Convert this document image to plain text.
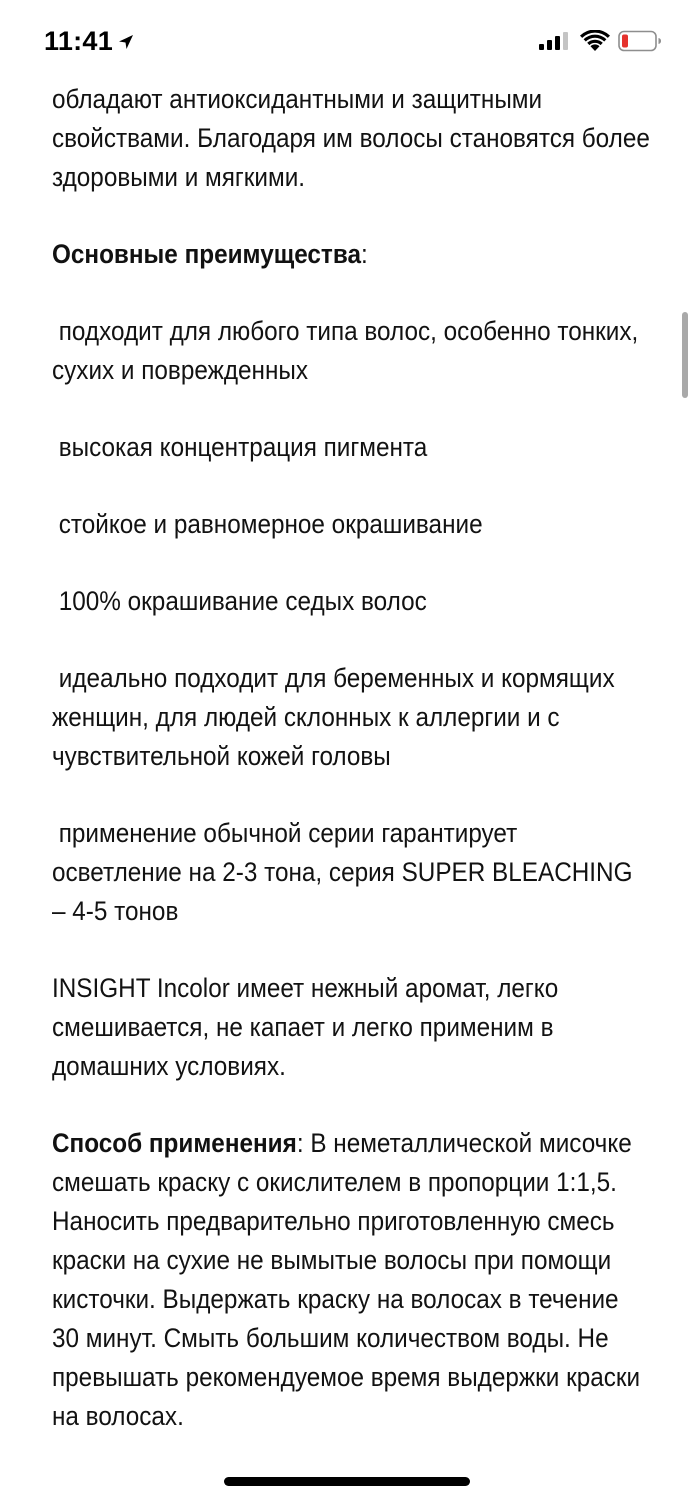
11:41

обладают антиоксидантными и защитными свойствами. Благодаря им волосы становятся более здоровыми и мягкими.

Основные преимущества:

подходит для любого типа волос, особенно тонких, сухих и поврежденных

высокая концентрация пигмента

стойкое и равномерное окрашивание

100% окрашивание седых волос

идеально подходит для беременных и кормящих женщин, для людей склонных к аллергии и с чувствительной кожей головы

применение обычной серии гарантирует осветление на 2-3 тона, серия SUPER BLEACHING – 4-5 тонов

INSIGHT Incolor имеет нежный аромат, легко смешивается, не капает и легко применим в домашних условиях.

Способ применения: В неметаллической мисочке смешать краску с окислителем в пропорции 1:1,5. Наносить предварительно приготовленную смесь краски на сухие не вымытые волосы при помощи кисточки. Выдержать краску на волосах в течение 30 минут. Смыть большим количеством воды. Не превышать рекомендуемое время выдержки краски на волосах.
